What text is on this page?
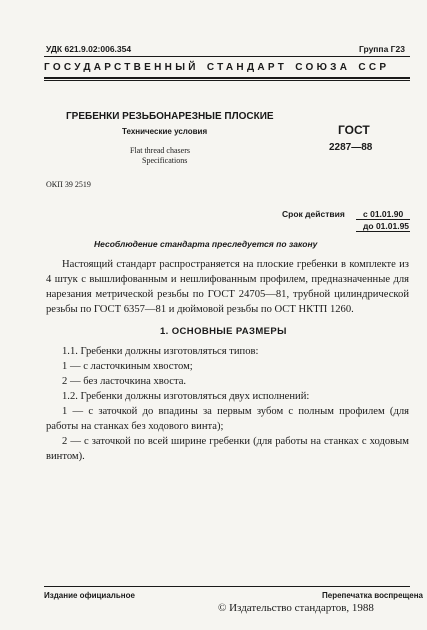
УДК 621.9.02:006.354	Группа Г23
ГОСУДАРСТВЕННЫЙ СТАНДАРТ СОЮЗА ССР
ГРЕБЕНКИ РЕЗЬБОНАРЕЗНЫЕ ПЛОСКИЕ
Технические условия
Flat thread chasers
Specifications
ГОСТ
2287—88
ОКП 39 2519
Срок действия с 01.01.90
до 01.01.95
Несоблюдение стандарта преследуется по закону

Настоящий стандарт распространяется на плоские гребенки в комплекте из 4 штук с вышлифованным и нешлифованным профилем, предназначенные для нарезания метрической резьбы по ГОСТ 24705—81, трубной цилиндрической резьбы по ГОСТ 6357—81 и дюймовой резьбы по ОСТ НКТП 1260.

1. ОСНОВНЫЕ РАЗМЕРЫ

1.1. Гребенки должны изготовляться типов:

1 — с ласточкиным хвостом;

2 — без ласточкина хвоста.

1.2. Гребенки должны изготовляться двух исполнений:

1 — с заточкой до впадины за первым зубом с полным профилем (для работы на станках без ходового винта);

2 — с заточкой по всей ширине гребенки (для работы на станках с ходовым винтом).

Издание официальное	Перепечатка воспрещена
© Издательство стандартов, 1988
